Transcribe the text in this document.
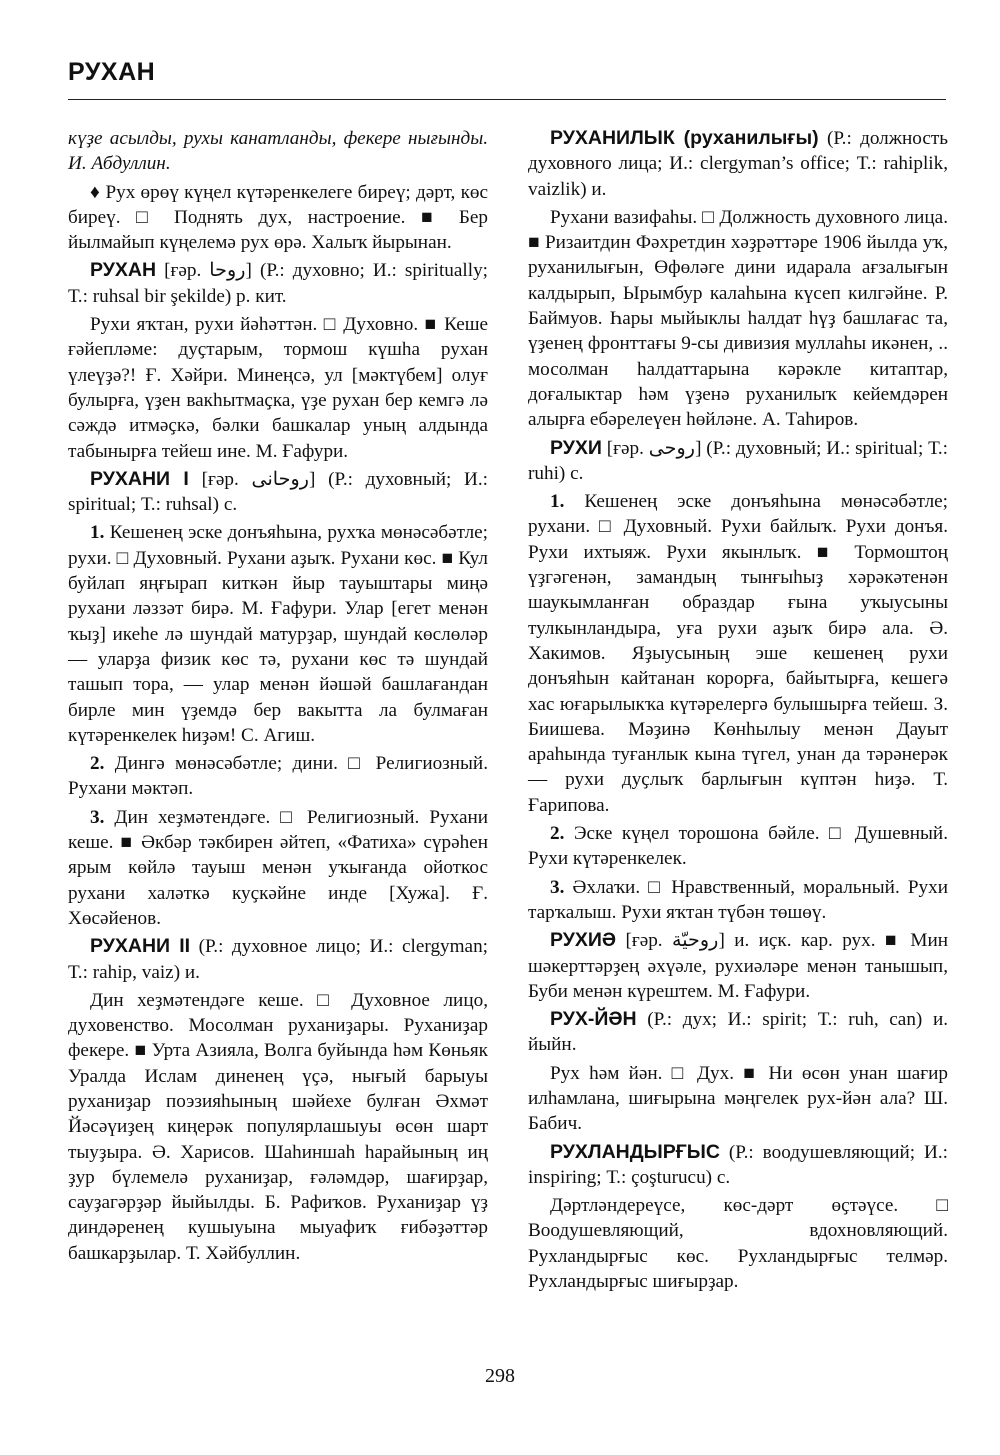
РУХАН

күҙе асылды, рухы канатланды, фекере нығынды. И. Абдуллин.

♦ Рух өрөү күңел күтәренкелеге биреү; дәрт, көс биреү. □ Поднять дух, настроение. ■ Бер йылмайып күңелемә рух өрә. Халыҡ йырынан.

РУХАН [ғәр. روحا] (Р.: духовно; И.: spiritually; Т.: ruhsal bir şekilde) р. кит.

Рухи яҡтан, рухи йәһәттән. □ Духовно. ■ Кеше ғәйепләме: дуҫтарым, тормош күшһа рухан үлеүҙә?! Ғ. Хәйри. Минеңсә, ул [мәктүбем] олуғ булырға, үҙен вакһытмаҫка, үҙе рухан бер кемгә лә сәждә итмәҫкә, бәлки башкалар уның алдында табынырға тейеш ине. М. Ғафури.

РУХАНИ I [ғәр. روحانى] (Р.: духовный; И.: spiritual; Т.: ruhsal) с.

1. Кешенең эске донъяһына, рухҡа мөнәсәбәтле; рухи. □ Духовный. Рухани аҙыҡ. Рухани көс. ■ Кул буйлап яңғырап киткән йыр тауыштары миңә рухани ләззәт бирә. М. Ғафури. Улар [егет менән ҡыҙ] икеһе лә шундай матурҙар, шундай көслөләр — уларҙа физик көс тә, рухани көс тә шундай ташып тора, — улар менән йәшәй башлағандан бирле мин үҙемдә бер вакытта ла булмаған күтәренкелек һиҙәм! С. Агиш.

2. Дингә мөнәсәбәтле; дини. □ Религиозный. Рухани мәктәп.

3. Дин хеҙмәтендәге. □ Религиозный. Рухани кеше. ■ Әкбәр тәкбирен әйтеп, «Фатиха» сүрәһен ярым көйлә тауыш менән уҡығанда ойоткос рухани халәткә куҫкәйне инде [Хужа]. Ғ. Хөсәйенов.

РУХАНИ II (Р.: духовное лицо; И.: clergyman; Т.: rahip, vaiz) и.

Дин хеҙмәтендәге кеше. □ Духовное лицо, духовенство. Мосолман руханиҙары. Руханиҙар фекере. ■ Урта Азияла, Волга буйында һәм Көньяк Уралда Ислам диненең үҫә, нығый барыуы руханиҙар поэзияһының шәйехе булған Әхмәт Йәсәүиҙең киңерәк популярлашыуы өсөн шарт тыуҙыра. Ә. Харисов. Шаһиншаһ һарайының иң ҙур бүлемелә руханиҙар, ғәләмдәр, шағирҙар, сауҙагәрҙәр йыйылды. Б. Рафиҡов. Руханиҙар үҙ диндәренең кушыуына мыуафиҡ ғибәҙәттәр башкарҙылар. Т. Хәйбуллин.

РУХАНИЛЫК (руханилығы) (Р.: должность духовного лица; И.: clergyman’s office; Т.: rahiplik, vaizlik) и.

Рухани вазифаһы. □ Должность духовного лица. ■ Ризаитдин Фәхретдин хәҙрәттәре 1906 йылда уҡ, руханилығын, Өфөләге дини идарала ағзалығын калдырып, Ырымбур калаһына күсеп килгәйне. Р. Баймуов. Һары мыйыклы һалдат һүҙ башлағас та, үҙенең фронттағы 9-сы дивизия муллаһы икәнен, .. мосолман һалдаттарына кәрәкле китаптар, доғалыктар һәм үҙенә руханилыҡ кейемдәрен алырға ебәрелеүен һөйләне. А. Таһиров.

РУХИ [ғәр. روحى] (Р.: духовный; И.: spiritual; Т.: ruhi) с.

1. Кешенең эске донъяһына мөнәсәбәтле; рухани. □ Духовный. Рухи байлыҡ. Рухи донъя. Рухи ихтыяж. Рухи якынлыҡ. ■ Тормоштоң үҙгәгенән, замандың тынғыһыҙ хәрәкәтенән шаукымланған образдар ғына уҡыусыны тулкынландыра, уға рухи аҙыҡ бирә ала. Ә. Хакимов. Яҙыусының эше кешенең рухи донъяһын кайтанан корорға, байытырға, кешегә хас юғарылыкҡа күтәрелергә булышырға тейеш. З. Биишева. Мәҙинә Көнһылыу менән Дауыт араһында туғанлык кына түгел, унан да тәрәнерәк — рухи дуҫлыҡ барлығын күптән һиҙә. Т. Ғарипова.

2. Эске күңел торошона бәйле. □ Душевный. Рухи күтәренкелек.

3. Әхлаҡи. □ Нравственный, моральный. Рухи тарҡалыш. Рухи яҡтан түбән төшөү.

РУХИӘ [ғәр. روحيّة] и. иҫк. кар. рух. ■ Мин шәкерттәрҙең әхүәле, рухиәләре менән танышып, Буби менән күрештем. М. Ғафури.

РУХ-ЙӘН (Р.: дух; И.: spirit; Т.: ruh, can) и. йыйн.

Рух һәм йән. □ Дух. ■ Ни өсөн унан шағир илһамлана, шиғырына мәңгелек рух-йән ала? Ш. Бабич.

РУХЛАНДЫРҒЫС (Р.: воодушевляющий; И.: inspiring; Т.: çoşturucu) с.

Дәртләндереүсе, көс-дәрт өҫтәүсе. □ Воодушевляющий, вдохновляющий. Рухландырғыс көс. Рухландырғыс телмәр. Рухландырғыс шиғырҙар.

298
